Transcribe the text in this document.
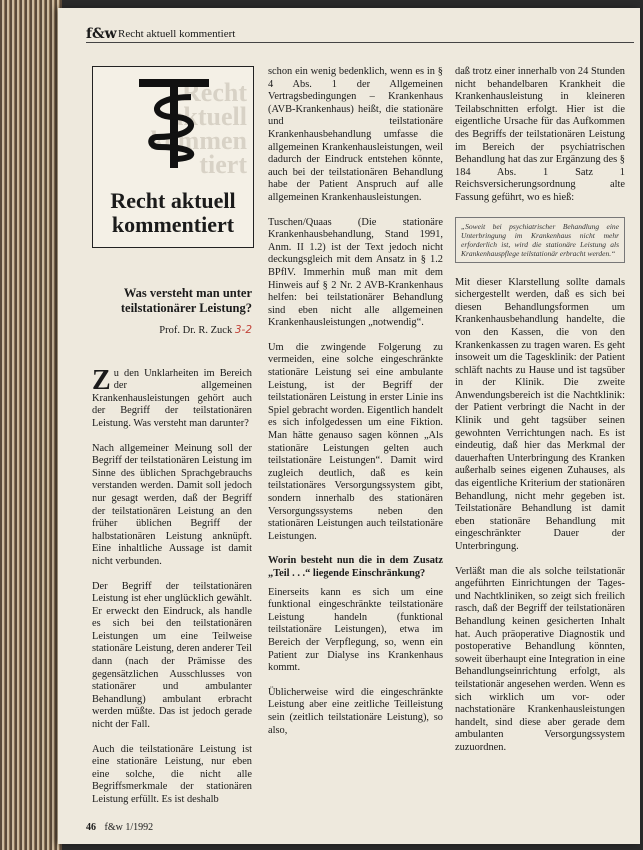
f&w Recht aktuell kommentiert
Recht
aktuell
kommen
tiert
Recht aktuell
kommentiert
Was versteht man unter teilstationärer Leistung?
Prof. Dr. R. Zuck 3-2

Zu den Unklarheiten im Bereich der allgemeinen Krankenhausleistungen gehört auch der Begriff der teilstationären Leistung. Was versteht man darunter?

Nach allgemeiner Meinung soll der Begriff der teilstationären Leistung im Sinne des üblichen Sprachgebrauchs verstanden werden. Damit soll jedoch nur gesagt werden, daß der Begriff der teilstationären Leistung an den früher üblichen Begriff der halbstationären Leistung anknüpft. Eine inhaltliche Aussage ist damit nicht verbunden.

Der Begriff der teilstationären Leistung ist eher unglücklich gewählt. Er erweckt den Eindruck, als handle es sich bei den teilstationären Leistungen um eine Teilweise stationäre Leistung, deren anderer Teil dann (nach der Prämisse des gegensätzlichen Ausschlusses von stationärer und ambulanter Behandlung) ambulant erbracht werden müßte. Das ist jedoch gerade nicht der Fall.

Auch die teilstationäre Leistung ist eine stationäre Leistung, nur eben eine solche, die nicht alle Begriffsmerkmale der stationären Leistung erfüllt. Es ist deshalb

schon ein wenig bedenklich, wenn es in § 4 Abs. 1 der Allgemeinen Vertragsbedingungen – Krankenhaus (AVB-Krankenhaus) heißt, die stationäre und teilstationäre Krankenhausbehandlung umfasse die allgemeinen Krankenhausleistungen, weil dadurch der Eindruck entstehen könnte, auch bei der teilstationären Behandlung habe der Patient Anspruch auf alle allgemeinen Krankenhausleistungen.

Tuschen/Quaas (Die stationäre Krankenhausbehandlung, Stand 1991, Anm. II 1.2) ist der Text jedoch nicht deckungsgleich mit dem Ansatz in § 1.2 BPflV. Immerhin muß man mit dem Hinweis auf § 2 Nr. 2 AVB-Krankenhaus helfen: bei teilstationärer Behandlung sind eben nicht alle allgemeinen Krankenhausleistungen „notwendig“.

Um die zwingende Folgerung zu vermeiden, eine solche eingeschränkte stationäre Leistung sei eine ambulante Leistung, ist der Begriff der teilstationären Leistung in erster Linie ins Spiel gebracht worden. Eigentlich handelt es sich infolgedessen um eine Fiktion. Man hätte genauso sagen können „Als stationäre Leistungen gelten auch teilstationäre Leistungen“. Damit wird zugleich deutlich, daß es kein teilstationäres Versorgungssystem gibt, sondern innerhalb des stationären Versorgungssystems neben den stationären Leistungen auch teilstationäre Leistungen.

Worin besteht nun die in dem Zusatz „Teil . . .“ liegende Einschränkung?

Einerseits kann es sich um eine funktional eingeschränkte teilstationäre Leistung handeln (funktional teilstationäre Leistungen), etwa im Bereich der Verpflegung, so, wenn ein Patient zur Dialyse ins Krankenhaus kommt.

Üblicherweise wird die eingeschränkte Leistung aber eine zeitliche Teilleistung sein (zeitlich teilstationäre Leistung), so also,

daß trotz einer innerhalb von 24 Stunden nicht behandelbaren Krankheit die Krankenhausleistung in kleineren Teilabschnitten erfolgt. Hier ist die eigentliche Ursache für das Aufkommen des Begriffs der teilstationären Leistung im Bereich der psychiatrischen Behandlung hat das zur Ergänzung des § 184 Abs. 1 Satz 1 Reichsversicherungsordnung alte Fassung geführt, wo es hieß:

„Soweit bei psychiatrischer Behandlung eine Unterbringung im Krankenhaus nicht mehr erforderlich ist, wird die stationäre Leistung als Krankenhauspflege teilstationär erbracht werden.“

Mit dieser Klarstellung sollte damals sichergestellt werden, daß es sich bei diesen Behandlungsformen um Krankenhausbehandlung handelte, die von den Kassen, die von den Krankenkassen zu tragen waren. Es geht insoweit um die Tagesklinik: der Patient schläft nachts zu Hause und ist tagsüber in der Klinik. Die zweite Anwendungsbereich ist die Nachtklinik: der Patient verbringt die Nacht in der Klinik und geht tagsüber seinen gewohnten Verrichtungen nach. Es ist eindeutig, daß hier das Merkmal der dauerhaften Unterbringung des Kranken außerhalb seines eigenen Zuhauses, als das eigentliche Kriterium der stationären Behandlung, nicht mehr gegeben ist. Teilstationäre Behandlung ist damit eben stationäre Behandlung mit eingeschränkter Dauer der Unterbringung.

Verläßt man die als solche teilstationär angeführten Einrichtungen der Tages- und Nachtkliniken, so zeigt sich freilich rasch, daß der Begriff der teilstationären Behandlung keinen gesicherten Inhalt hat. Auch präoperative Diagnostik und postoperative Behandlung könnten, soweit überhaupt eine Integration in eine Behandlungseinrichtung erfolgt, als teilstationär angesehen werden. Wenn es sich wirklich um vor- oder nachstationäre Krankenhausleistungen handelt, sind diese aber gerade dem ambulanten Versorgungssystem zuzuordnen.

46 f&w 1/1992
